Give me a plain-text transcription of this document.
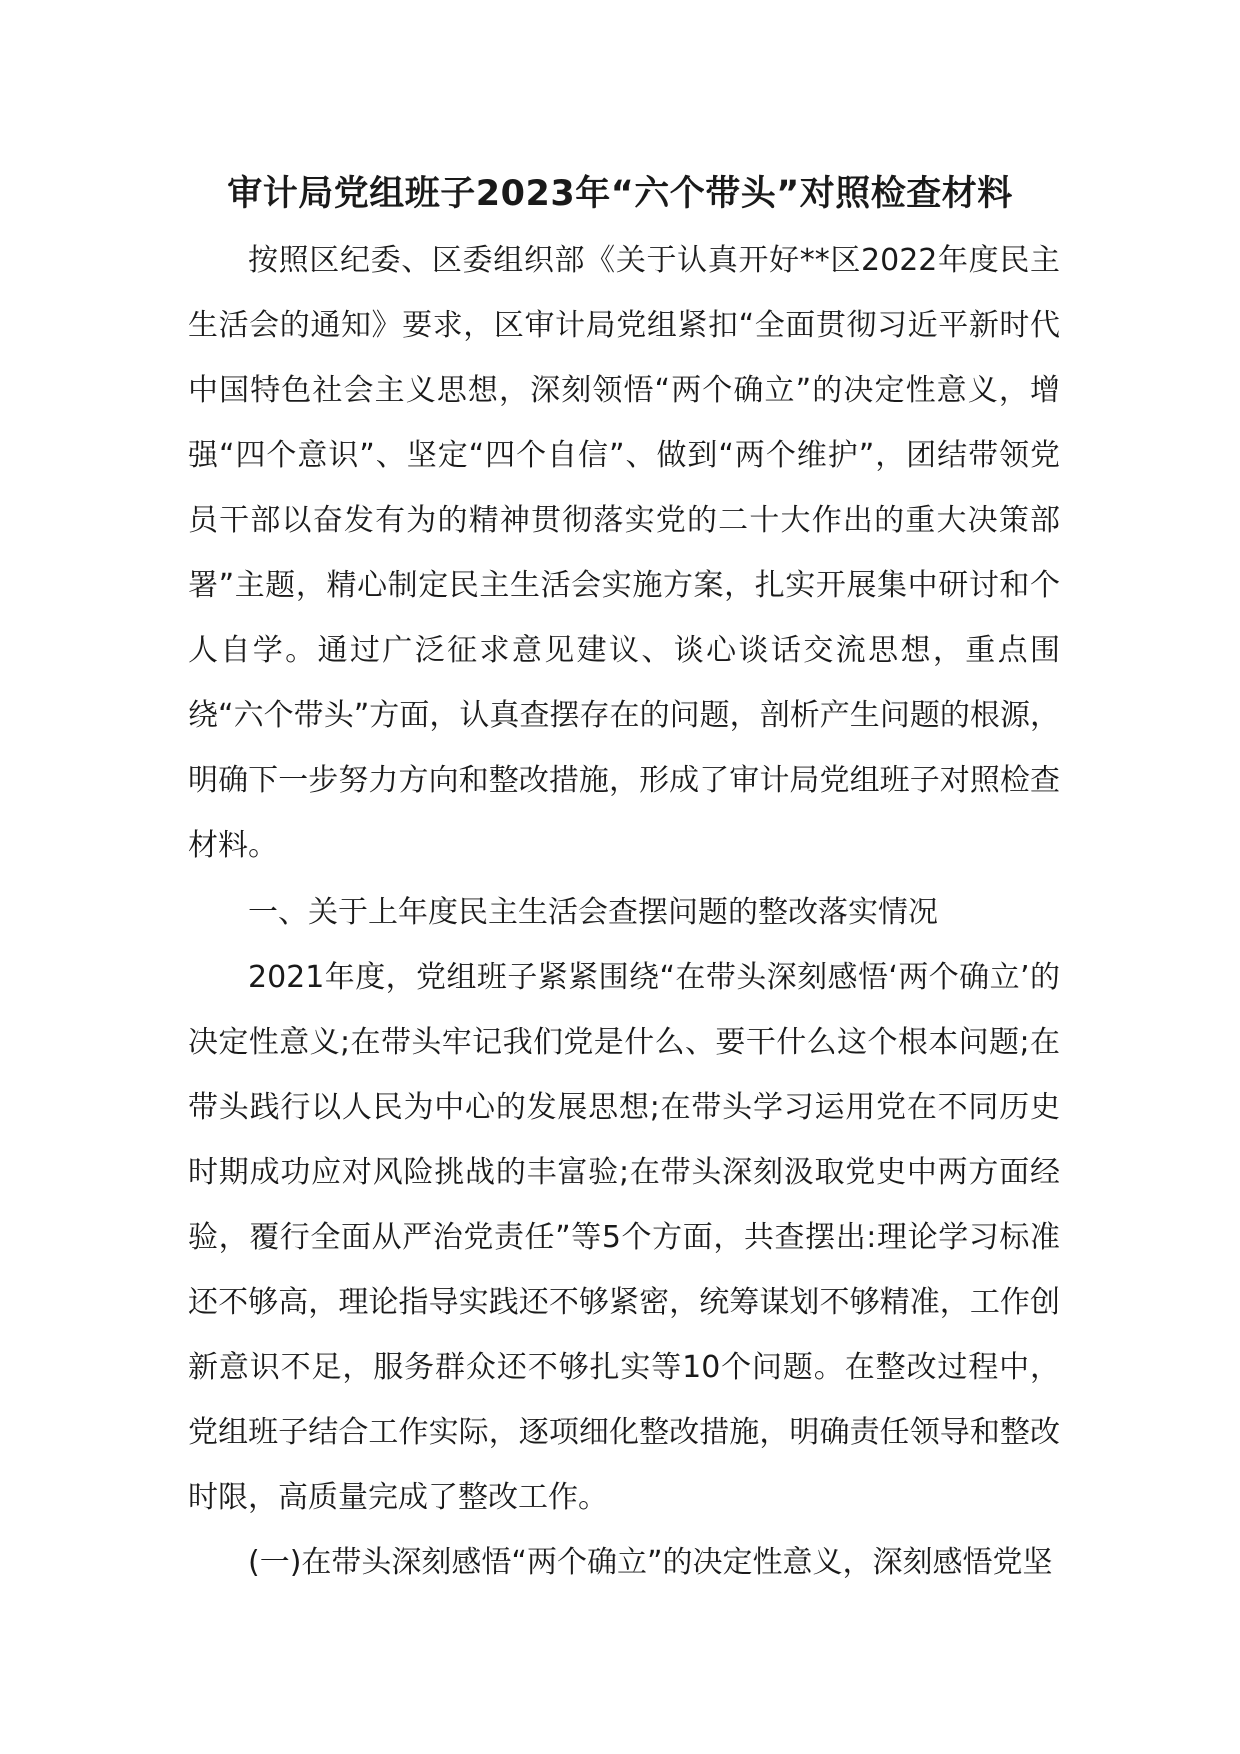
审计局党组班子2023年“六个带头”对照检查材料

按照区纪委、区委组织部《关于认真开好**区2022年度民主生活会的通知》要求，区审计局党组紧扣“全面贯彻习近平新时代中国特色社会主义思想，深刻领悟“两个确立”的决定性意义，增强“四个意识”、坚定“四个自信”、做到“两个维护”，团结带领党员干部以奋发有为的精神贯彻落实党的二十大作出的重大决策部署”主题，精心制定民主生活会实施方案，扎实开展集中研讨和个人自学。通过广泛征求意见建议、谈心谈话交流思想，重点围绕“六个带头”方面，认真查摆存在的问题，剖析产生问题的根源，明确下一步努力方向和整改措施，形成了审计局党组班子对照检查材料。

一、关于上年度民主生活会查摆问题的整改落实情况

2021年度，党组班子紧紧围绕“在带头深刻感悟‘两个确立’的决定性意义;在带头牢记我们党是什么、要干什么这个根本问题;在带头践行以人民为中心的发展思想;在带头学习运用党在不同历史时期成功应对风险挑战的丰富验;在带头深刻汲取党史中两方面经验，覆行全面从严治党责任”等5个方面，共查摆出:理论学习标准还不够高，理论指导实践还不够紧密，统筹谋划不够精准，工作创新意识不足，服务群众还不够扎实等10个问题。在整改过程中，党组班子结合工作实际，逐项细化整改措施，明确责任领导和整改时限，高质量完成了整改工作。

(一)在带头深刻感悟“两个确立”的决定性意义，深刻感悟党坚
